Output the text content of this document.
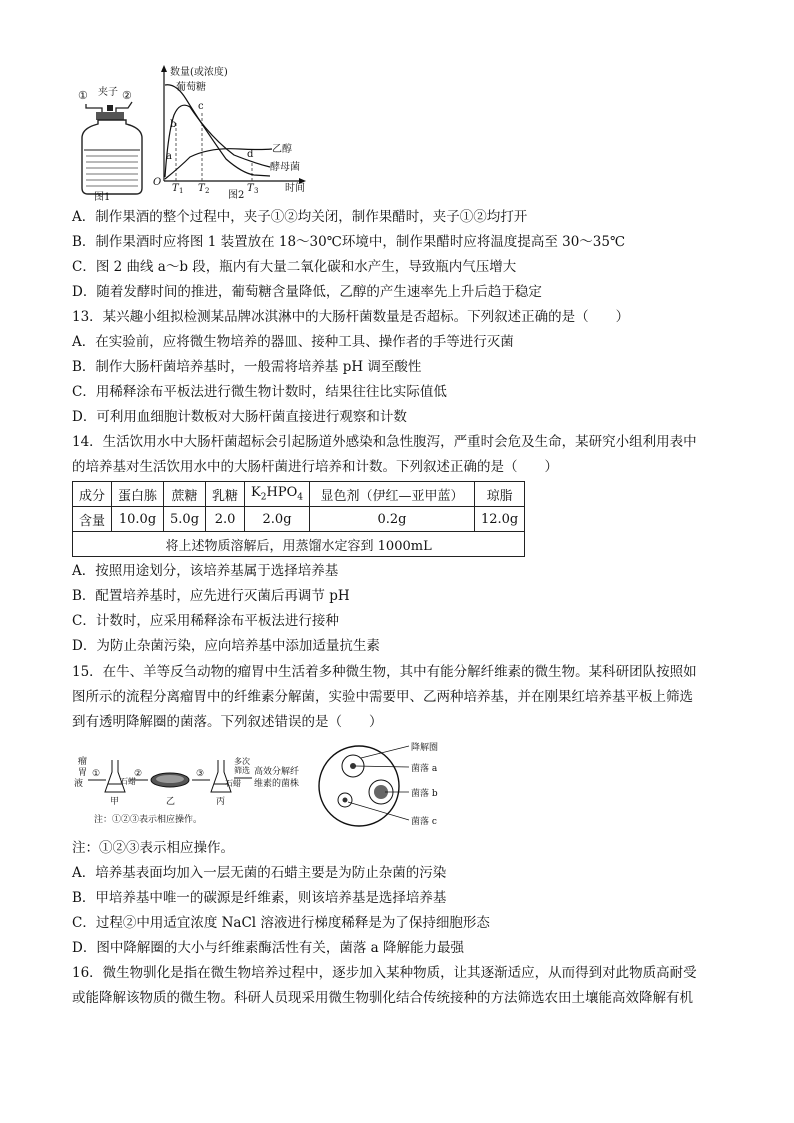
① 夹子 ②
图1
数量(或浓度)
时间
O
T 1 T 2	T 3
葡萄糖
酵母菌
乙醇
a
b
c
d
图2
A．制作果酒的整个过程中，夹子①②均关闭，制作果醋时，夹子①②均打开
B．制作果酒时应将图 1 装置放在 18～30℃环境中，制作果醋时应将温度提高至 30～35℃
C．图 2 曲线 a～b 段，瓶内有大量二氧化碳和水产生，导致瓶内气压增大
D．随着发酵时间的推进，葡萄糖含量降低，乙醇的产生速率先上升后趋于稳定
13．某兴趣小组拟检测某品牌冰淇淋中的大肠杆菌数量是否超标。下列叙述正确的是（　　）
A．在实验前，应将微生物培养的器皿、接种工具、操作者的手等进行灭菌
B．制作大肠杆菌培养基时，一般需将培养基 pH 调至酸性
C．用稀释涂布平板法进行微生物计数时，结果往往比实际值低
D．可利用血细胞计数板对大肠杆菌直接进行观察和计数
14．生活饮用水中大肠杆菌超标会引起肠道外感染和急性腹泻，严重时会危及生命，某研究小组利用表中
的培养基对生活饮用水中的大肠杆菌进行培养和计数。下列叙述正确的是（　　）
成分	蛋白胨	蔗糖	乳糖	$K_2HPO_4$	显色剂（伊红—亚甲蓝）	琼脂
含量	10.0g	5.0g	2.0	2.0g	0.2g	12.0g
将上述物质溶解后，用蒸馏水定容到 1000mL						
A．按照用途划分，该培养基属于选择培养基
B．配置培养基时，应先进行灭菌后再调节 pH
C．计数时，应采用稀释涂布平板法进行接种
D．为防止杂菌污染，应向培养基中添加适量抗生素
15．在牛、羊等反刍动物的瘤胃中生活着多种微生物，其中有能分解纤维素的微生物。某科研团队按照如
图所示的流程分离瘤胃中的纤维素分解菌，实验中需要甲、乙两种培养基，并在刚果红培养基平板上筛选
到有透明降解圈的菌落。下列叙述错误的是（　　）
瘤
胃
液
①
甲
石蜡
②
乙
③
丙
石蜡
多次
筛选 高效分解纤
维素的菌株
注：①②③表示相应操作。
降解圈
菌落 a
菌落 b
菌落 c
注：①②③表示相应操作。
A．培养基表面均加入一层无菌的石蜡主要是为防止杂菌的污染
B．甲培养基中唯一的碳源是纤维素，则该培养基是选择培养基
C．过程②中用适宜浓度 NaCl 溶液进行梯度稀释是为了保持细胞形态
D．图中降解圈的大小与纤维素酶活性有关，菌落 a 降解能力最强
16．微生物驯化是指在微生物培养过程中，逐步加入某种物质，让其逐渐适应，从而得到对此物质高耐受
或能降解该物质的微生物。科研人员现采用微生物驯化结合传统接种的方法筛选农田土壤能高效降解有机
